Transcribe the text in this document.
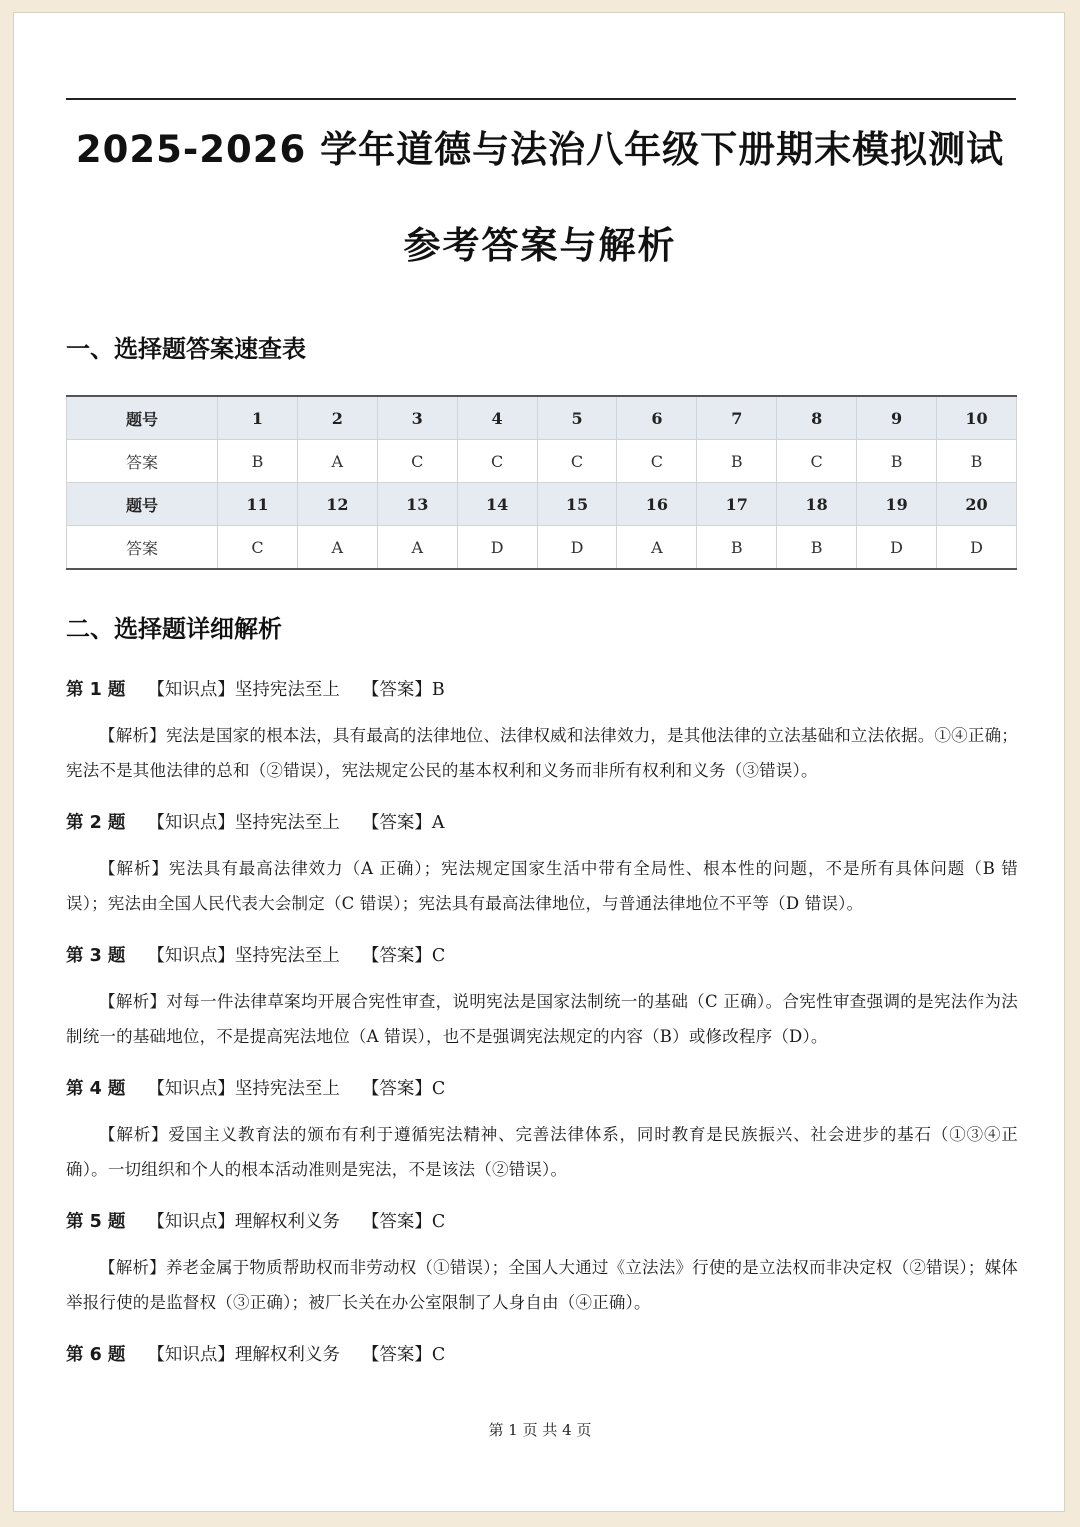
2025-2026 学年道德与法治八年级下册期末模拟测试
参考答案与解析
一、选择题答案速查表
题号	1	2	3	4	5	6	7	8	9	10
答案	B	A	C	C	C	C	B	C	B	B
题号	11	12	13	14	15	16	17	18	19	20
答案	C	A	A	D	D	A	B	B	D	D
二、选择题详细解析
第 1 题 【知识点】坚持宪法至上 【答案】B
【解析】宪法是国家的根本法，具有最高的法律地位、法律权威和法律效力，是其他法律的立法基础和立法依据。①④正确；宪法不是其他法律的总和（②错误），宪法规定公民的基本权利和义务而非所有权利和义务（③错误）。
第 2 题 【知识点】坚持宪法至上 【答案】A
【解析】宪法具有最高法律效力（A 正确）；宪法规定国家生活中带有全局性、根本性的问题，不是所有具体问题（B 错误）；宪法由全国人民代表大会制定（C 错误）；宪法具有最高法律地位，与普通法律地位不平等（D 错误）。
第 3 题 【知识点】坚持宪法至上 【答案】C
【解析】对每一件法律草案均开展合宪性审查，说明宪法是国家法制统一的基础（C 正确）。合宪性审查强调的是宪法作为法制统一的基础地位，不是提高宪法地位（A 错误），也不是强调宪法规定的内容（B）或修改程序（D）。
第 4 题 【知识点】坚持宪法至上 【答案】C
【解析】爱国主义教育法的颁布有利于遵循宪法精神、完善法律体系，同时教育是民族振兴、社会进步的基石（①③④正确）。一切组织和个人的根本活动准则是宪法，不是该法（②错误）。
第 5 题 【知识点】理解权利义务 【答案】C
【解析】养老金属于物质帮助权而非劳动权（①错误）；全国人大通过《立法法》行使的是立法权而非决定权（②错误）；媒体举报行使的是监督权（③正确）；被厂长关在办公室限制了人身自由（④正确）。
第 6 题 【知识点】理解权利义务 【答案】C
第 1 页 共 4 页
